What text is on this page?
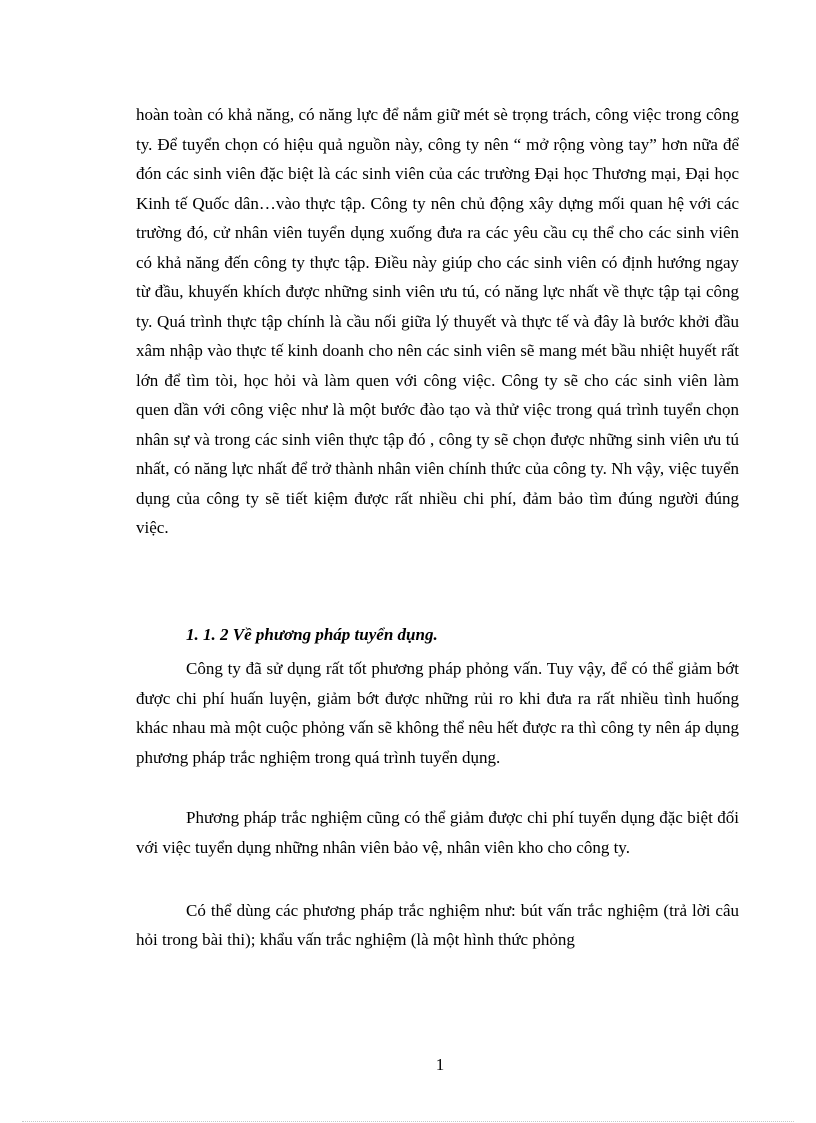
hoàn toàn có khả năng, có năng lực để nắm giữ mét sè trọng trách, công việc trong công ty. Để tuyển chọn có hiệu quả nguồn này, công ty nên “ mở rộng vòng tay” hơn nữa để đón các sinh viên đặc biệt là các sinh viên của các trường Đại học Thương mại, Đại học Kinh tế Quốc dân…vào thực tập. Công ty nên chủ động xây dựng mối quan hệ với các trường đó, cử nhân viên tuyển dụng xuống đưa ra các yêu cầu cụ thể cho các sinh viên có khả năng đến công ty thực tập. Điều này giúp cho các sinh viên có định hướng ngay từ đầu, khuyến khích được những sinh viên ưu tú, có năng lực nhất về thực tập tại công ty. Quá trình thực tập chính là cầu nối giữa lý thuyết và thực tế và đây là bước khởi đầu xâm nhập vào thực tế kinh doanh cho nên các sinh viên sẽ mang mét bầu nhiệt huyết rất lớn để tìm tòi, học hỏi và làm quen với công việc. Công ty sẽ cho các sinh viên làm quen dần với công việc như là một bước đào tạo và thử việc trong quá trình tuyển chọn nhân sự và trong các sinh viên thực tập đó , công ty sẽ chọn được những sinh viên ưu tú nhất, có năng lực nhất để trở thành nhân viên chính thức của công ty. Nh vậy, việc tuyển dụng của công ty sẽ tiết kiệm được rất nhiều chi phí, đảm bảo tìm đúng người đúng việc.

1. 1. 2 Về phương pháp tuyển dụng.

Công ty đã sử dụng rất tốt phương pháp phỏng vấn. Tuy vậy, để có thể giảm bớt được chi phí huấn luyện, giảm bớt được những rủi ro khi đưa ra rất nhiều tình huống khác nhau mà một cuộc phỏng vấn sẽ không thể nêu hết được ra thì công ty nên áp dụng phương pháp trắc nghiệm trong quá trình tuyển dụng.

Phương pháp trắc nghiệm cũng có thể giảm được chi phí tuyển dụng đặc biệt đối với việc tuyển dụng những nhân viên bảo vệ, nhân viên kho cho công ty.

Có thể dùng các phương pháp trắc nghiệm như: bút vấn trắc nghiệm (trả lời câu hỏi trong bài thi); khẩu vấn trắc nghiệm (là một hình thức phỏng

1
